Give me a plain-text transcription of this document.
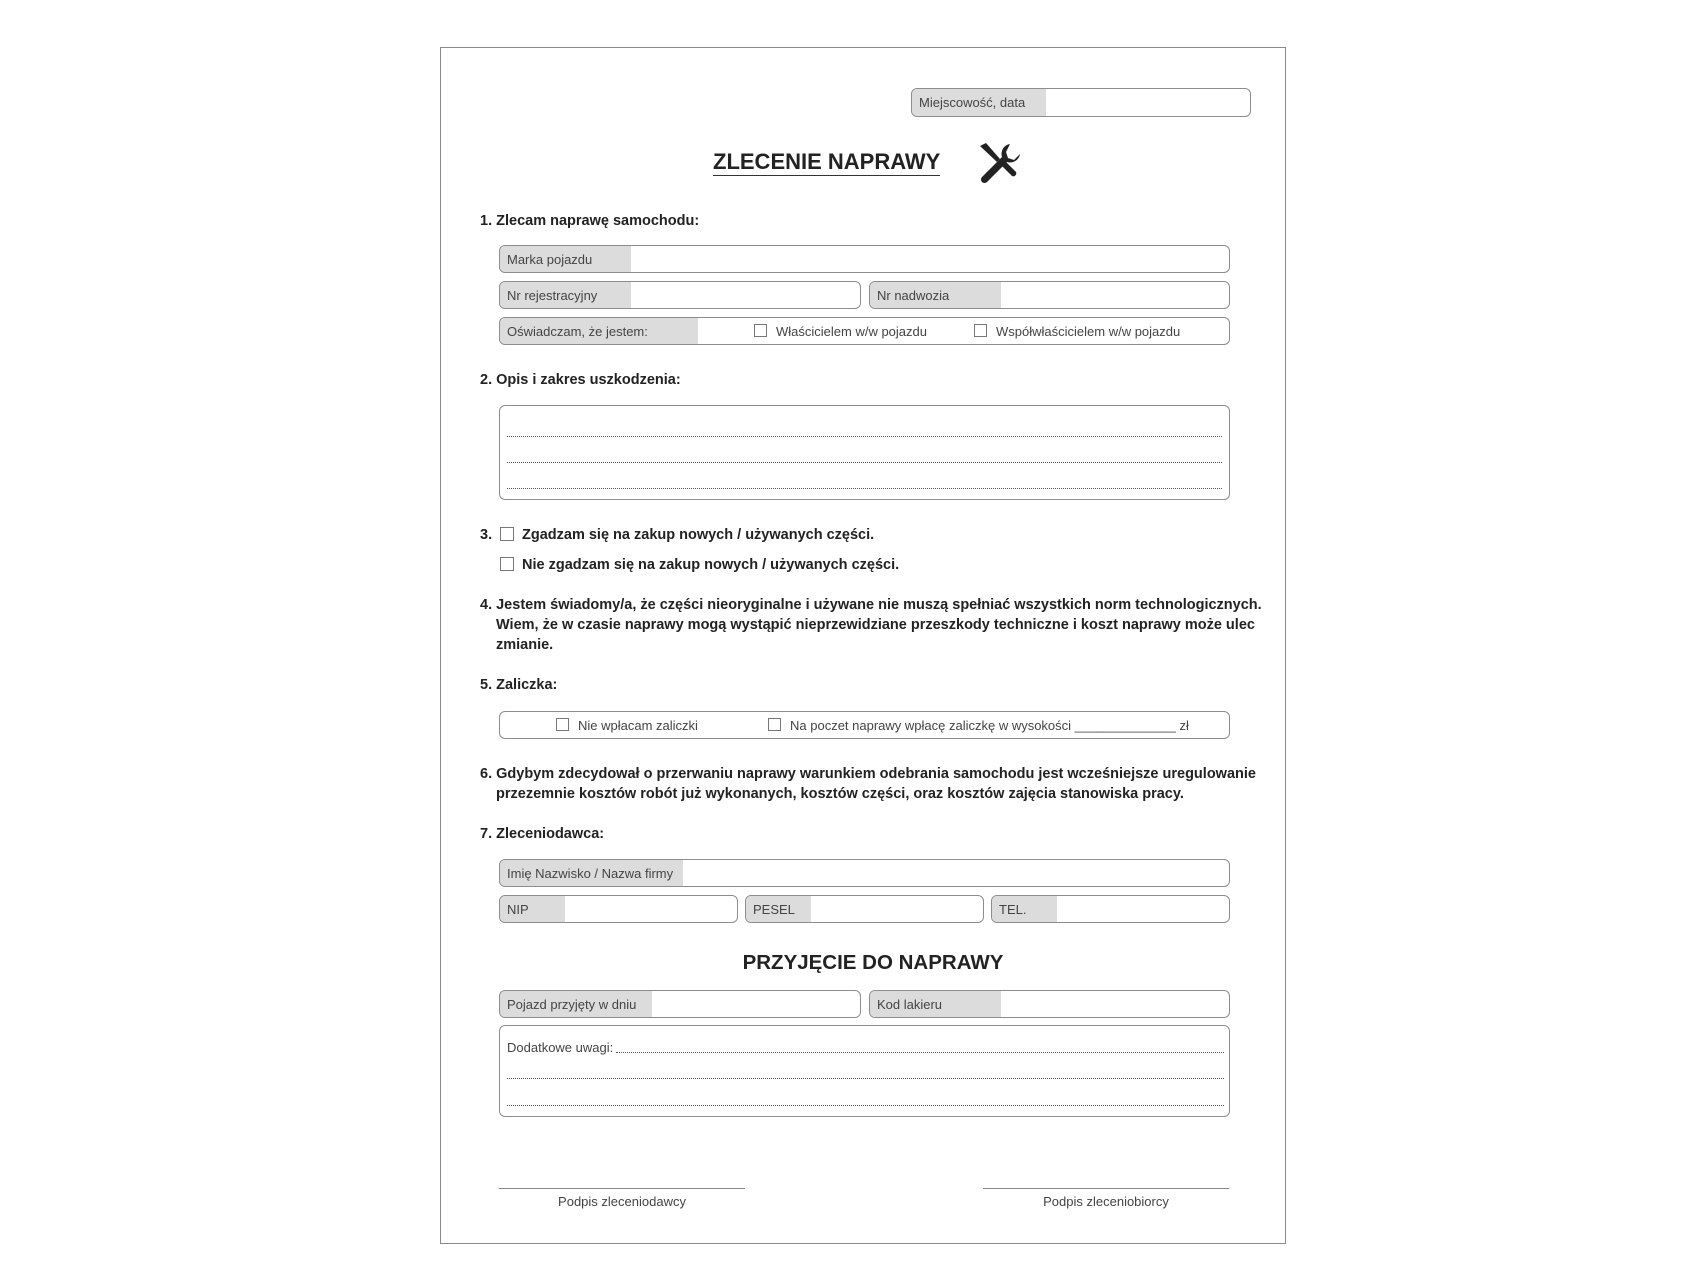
Miejscowość, data
ZLECENIE NAPRAWY
1. Zlecam naprawę samochodu:
Marka pojazdu
Nr rejestracyjny	Nr nadwozia
Oświadczam, że jestem:	Właścicielem w/w pojazdu	Współwłaścicielem w/w pojazdu
2. Opis i zakres uszkodzenia:
3. Zgadzam się na zakup nowych / używanych części.
Nie zgadzam się na zakup nowych / używanych części.
4. Jestem świadomy/a, że części nieoryginalne i używane nie muszą spełniać wszystkich norm technologicznych.
Wiem, że w czasie naprawy mogą wystąpić nieprzewidziane przeszkody techniczne i koszt naprawy może ulec zmianie.
5. Zaliczka:
Nie wpłacam zaliczki	Na poczet naprawy wpłacę zaliczkę w wysokości ______________ zł
6. Gdybym zdecydował o przerwaniu naprawy warunkiem odebrania samochodu jest wcześniejsze uregulowanie
przezemnie kosztów robót już wykonanych, kosztów części, oraz kosztów zajęcia stanowiska pracy.
7. Zleceniodawca:
Imię Nazwisko / Nazwa firmy
NIP	PESEL	TEL.
PRZYJĘCIE DO NAPRAWY
Pojazd przyjęty w dniu	Kod lakieru
Dodatkowe uwagi:
Podpis zleceniodawcy	Podpis zleceniobiorcy
